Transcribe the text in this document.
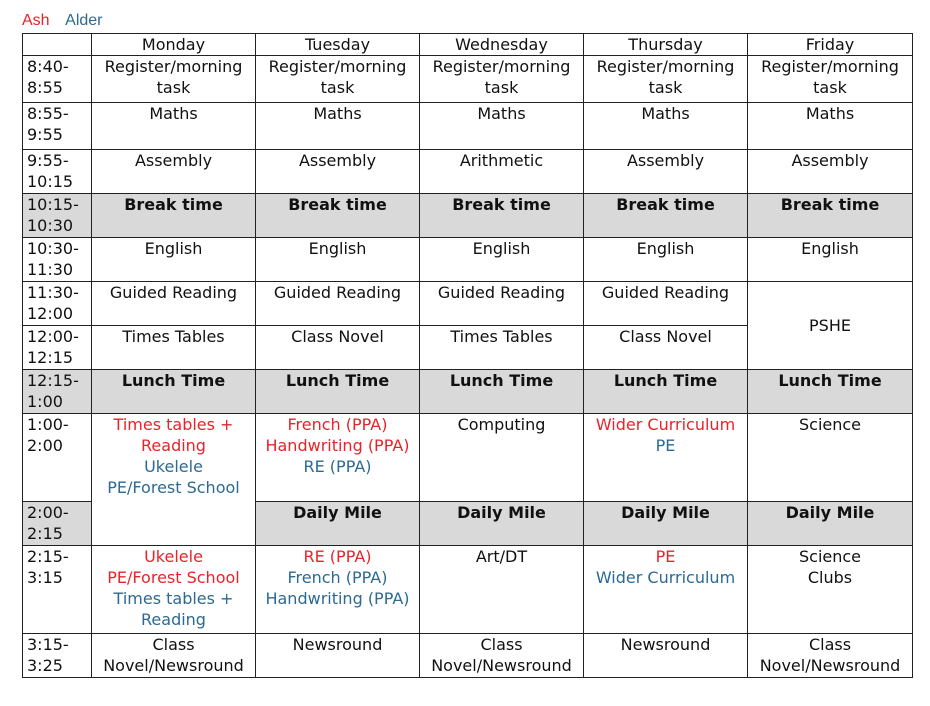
Ash Alder
	Monday	Tuesday	Wednesday	Thursday	Friday

8:40-
8:55	Register/morning
task	Register/morning
task	Register/morning
task	Register/morning
task	Register/morning
task

8:55-
9:55	Maths	Maths	Maths	Maths	Maths

9:55-
10:15	Assembly	Assembly	Arithmetic	Assembly	Assembly

10:15-
10:30	Break time	Break time	Break time	Break time	Break time

10:30-
11:30	English	English	English	English	English

11:30-
12:00	Guided Reading	Guided Reading	Guided Reading	Guided Reading	PSHE

12:00-
12:15	Times Tables	Class Novel	Times Tables	Class Novel	

12:15-
1:00	Lunch Time	Lunch Time	Lunch Time	Lunch Time	Lunch Time

1:00-
2:00	Times tables +
Reading
Ukelele
PE/Forest School	French (PPA)
Handwriting (PPA)
RE (PPA)	Computing	Wider Curriculum
PE	Science

2:00-
2:15		Daily Mile	Daily Mile	Daily Mile	Daily Mile

2:15-
3:15	Ukelele
PE/Forest School
Times tables +
Reading	RE (PPA)
French (PPA)
Handwriting (PPA)	Art/DT	PE
Wider Curriculum	Science
Clubs

3:15-
3:25	Class
Novel/Newsround	Newsround	Class
Novel/Newsround	Newsround	Class
Novel/Newsround
